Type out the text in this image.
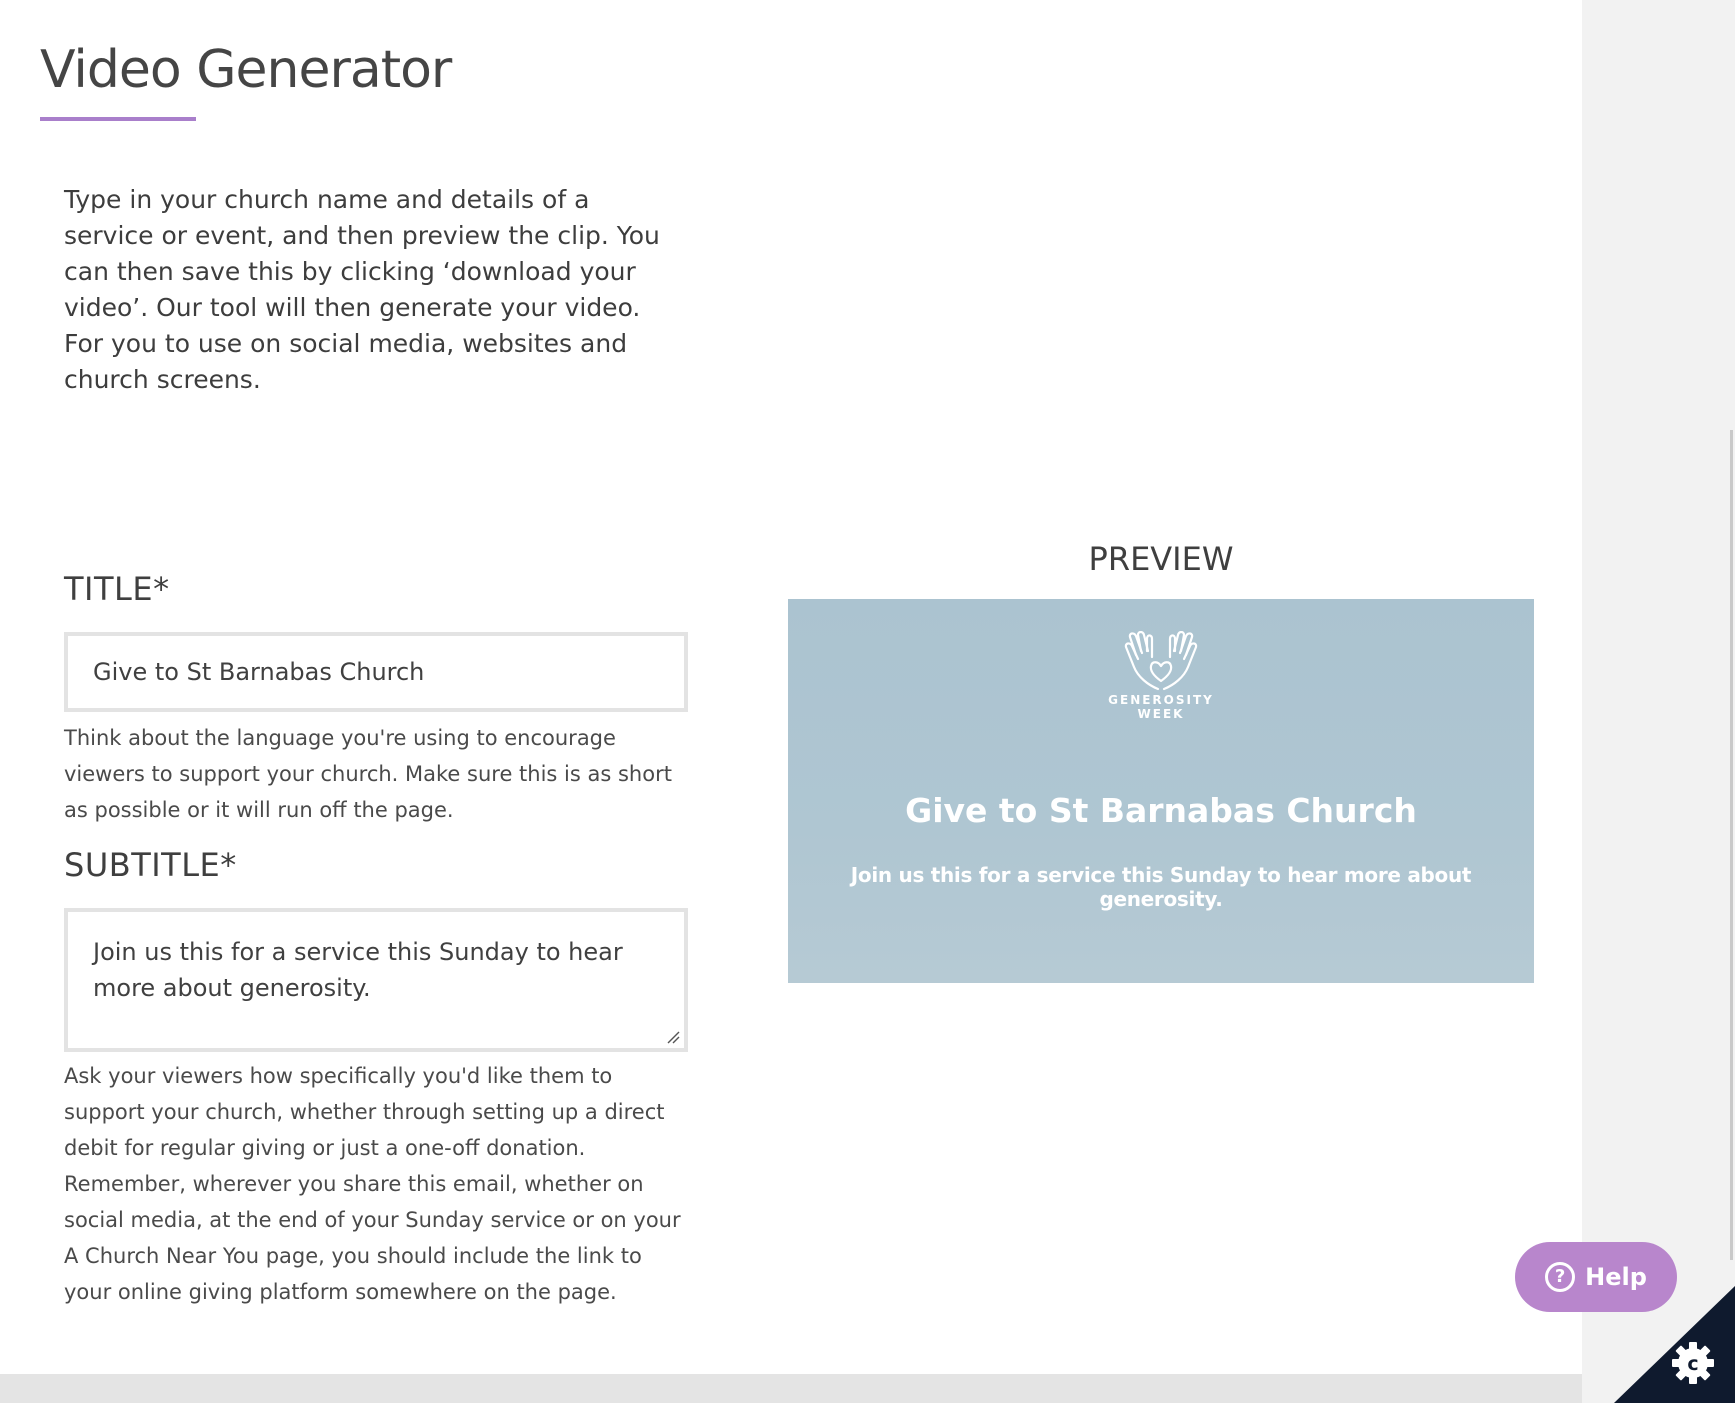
Video Generator

Type in your church name and details of a service or event, and then preview the clip. You can then save this by clicking ‘download your video’. Our tool will then generate your video. For you to use on social media, websites and church screens.

TITLE*
Give to St Barnabas Church

Think about the language you're using to encourage viewers to support your church. Make sure this is as short as possible or it will run off the page.

SUBTITLE*
Join us this for a service this Sunday to hear more about generosity.

Ask your viewers how specifically you'd like them to support your church, whether through setting up a direct debit for regular giving or just a one-off donation. Remember, wherever you share this email, whether on social media, at the end of your Sunday service or on your A Church Near You page, you should include the link to your online giving platform somewhere on the page.

PREVIEW
GENEROSITY
WEEK
Give to St Barnabas Church
Join us this for a service this Sunday to hear more about generosity.
? Help
c
